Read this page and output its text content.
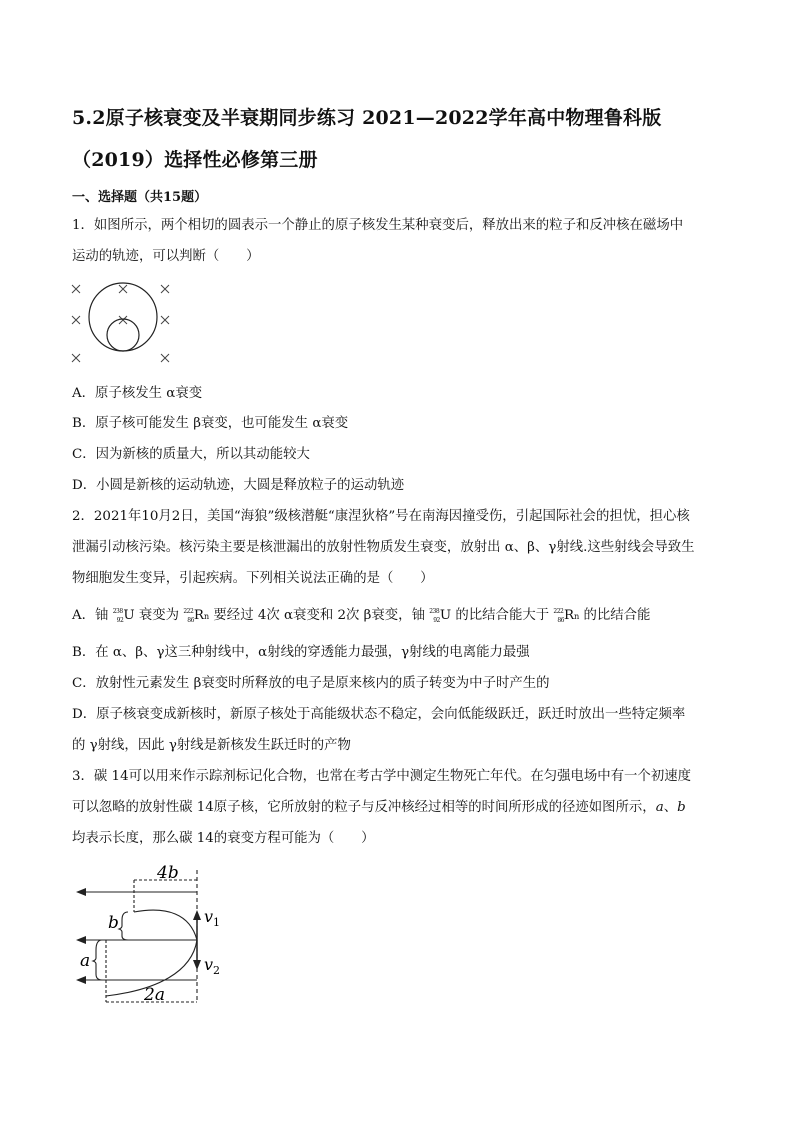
5.2原子核衰变及半衰期同步练习 2021—2022学年高中物理鲁科版
（2019）选择性必修第三册
一、选择题（共15题）
1．如图所示，两个相切的圆表示一个静止的原子核发生某种衰变后，释放出来的粒子和反冲核在磁场中
运动的轨迹，可以判断（　　）
A．原子核发生 α衰变
B．原子核可能发生 β衰变，也可能发生 α衰变
C．因为新核的质量大，所以其动能较大
D．小圆是新核的运动轨迹，大圆是释放粒子的运动轨迹
2．2021年10月2日，美国“海狼”级核潜艇“康涅狄格”号在南海因撞受伤，引起国际社会的担忧，担心核
泄漏引动核污染。核污染主要是核泄漏出的放射性物质发生衰变，放射出 α、β、γ射线.这些射线会导致生
物细胞发生变异，引起疾病。下列相关说法正确的是（　　）
A．铀 $^{238}_{92}$U 衰变为 $^{222}_{86}$Rn 要经过 4次 α衰变和 2次 β衰变，铀 $^{238}_{92}$U 的比结合能大于 $^{222}_{86}$Rn 的比结合能
B．在 α、β、γ这三种射线中，α射线的穿透能力最强，γ射线的电离能力最强
C．放射性元素发生 β衰变时所释放的电子是原来核内的质子转变为中子时产生的
D．原子核衰变成新核时，新原子核处于高能级状态不稳定，会向低能级跃迁，跃迁时放出一些特定频率
的 γ射线，因此 γ射线是新核发生跃迁时的产物
3．碳 14可以用来作示踪剂标记化合物，也常在考古学中测定生物死亡年代。在匀强电场中有一个初速度
可以忽略的放射性碳 14原子核，它所放射的粒子与反冲核经过相等的时间所形成的径迹如图所示，a、b
均表示长度，那么碳 14的衰变方程可能为（　　）
4b
b
a
2a
$v_1$
$v_2$
